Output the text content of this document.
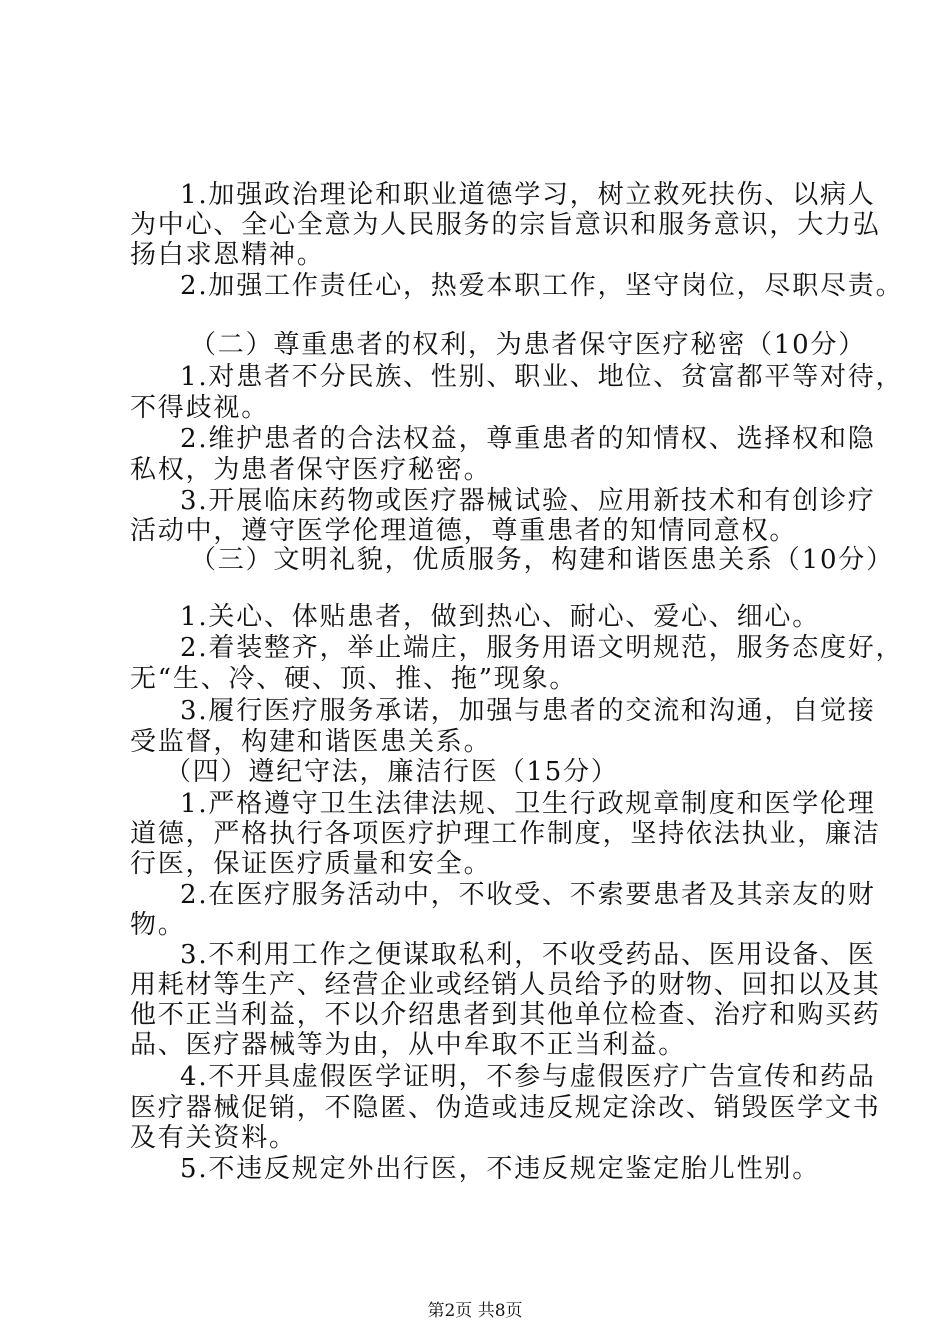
1.加强政治理论和职业道德学习，树立救死扶伤、以病人
为中心、全心全意为人民服务的宗旨意识和服务意识，大力弘
扬白求恩精神。
2.加强工作责任心，热爱本职工作，坚守岗位，尽职尽责。
（二）尊重患者的权利，为患者保守医疗秘密（10分）
1.对患者不分民族、性别、职业、地位、贫富都平等对待，
不得歧视。
2.维护患者的合法权益，尊重患者的知情权、选择权和隐
私权，为患者保守医疗秘密。
3.开展临床药物或医疗器械试验、应用新技术和有创诊疗
活动中，遵守医学伦理道德，尊重患者的知情同意权。
（三）文明礼貌，优质服务，构建和谐医患关系（10分）
1.关心、体贴患者，做到热心、耐心、爱心、细心。
2.着装整齐，举止端庄，服务用语文明规范，服务态度好，
无“生、冷、硬、顶、推、拖”现象。
3.履行医疗服务承诺，加强与患者的交流和沟通，自觉接
受监督，构建和谐医患关系。
（四）遵纪守法，廉洁行医（15分）
1.严格遵守卫生法律法规、卫生行政规章制度和医学伦理
道德，严格执行各项医疗护理工作制度，坚持依法执业，廉洁
行医，保证医疗质量和安全。
2.在医疗服务活动中，不收受、不索要患者及其亲友的财
物。
3.不利用工作之便谋取私利，不收受药品、医用设备、医
用耗材等生产、经营企业或经销人员给予的财物、回扣以及其
他不正当利益，不以介绍患者到其他单位检查、治疗和购买药
品、医疗器械等为由，从中牟取不正当利益。
4.不开具虚假医学证明，不参与虚假医疗广告宣传和药品
医疗器械促销，不隐匿、伪造或违反规定涂改、销毁医学文书
及有关资料。
5.不违反规定外出行医，不违反规定鉴定胎儿性别。
第2页 共8页
